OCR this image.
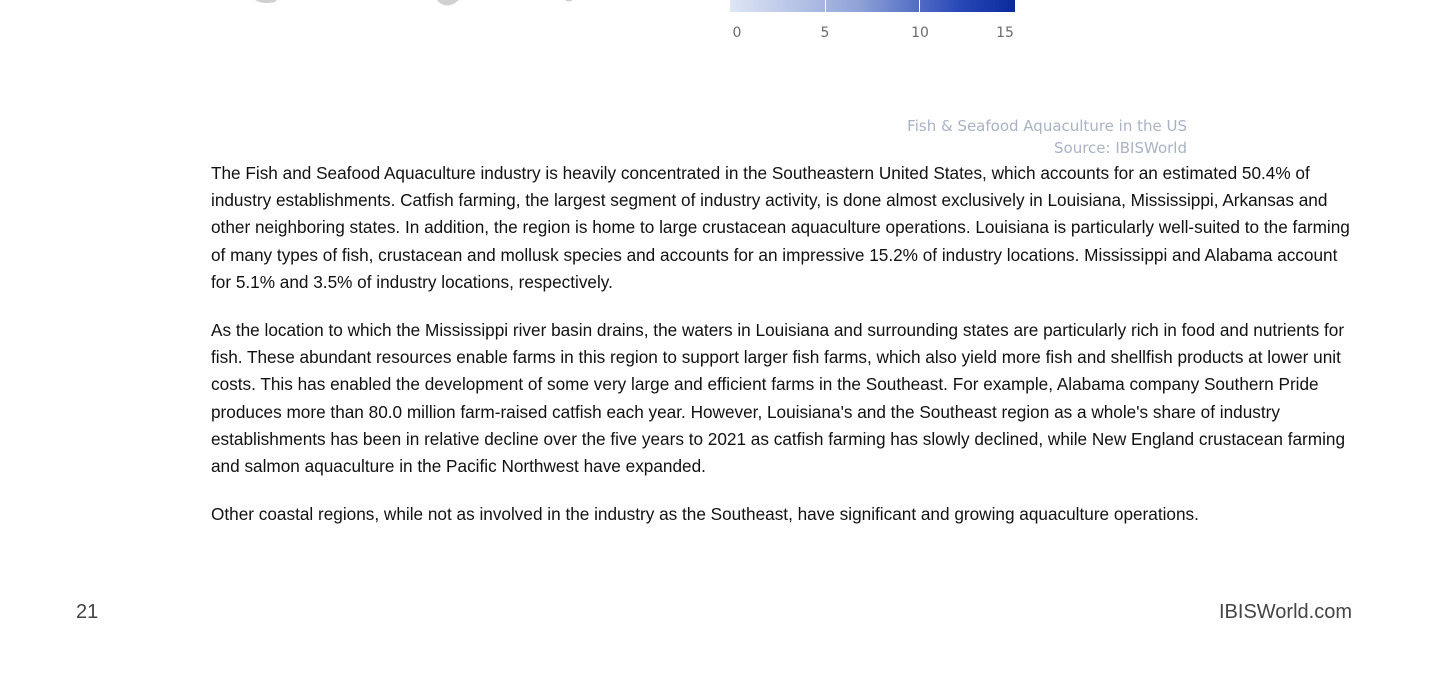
0	5	10	15
Fish & Seafood Aquaculture in the US
Source: IBISWorld

The Fish and Seafood Aquaculture industry is heavily concentrated in the Southeastern United States, which accounts for an estimated 50.4% of industry establishments. Catfish farming, the largest segment of industry activity, is done almost exclusively in Louisiana, Mississippi, Arkansas and other neighboring states. In addition, the region is home to large crustacean aquaculture operations. Louisiana is particularly well-suited to the farming of many types of fish, crustacean and mollusk species and accounts for an impressive 15.2% of industry locations. Mississippi and Alabama account for 5.1% and 3.5% of industry locations, respectively.

As the location to which the Mississippi river basin drains, the waters in Louisiana and surrounding states are particularly rich in food and nutrients for fish. These abundant resources enable farms in this region to support larger fish farms, which also yield more fish and shellfish products at lower unit costs. This has enabled the development of some very large and efficient farms in the Southeast. For example, Alabama company Southern Pride produces more than 80.0 million farm-raised catfish each year. However, Louisiana's and the Southeast region as a whole's share of industry establishments has been in relative decline over the five years to 2021 as catfish farming has slowly declined, while New England crustacean farming and salmon aquaculture in the Pacific Northwest have expanded.

Other coastal regions, while not as involved in the industry as the Southeast, have significant and growing aquaculture operations.

21	IBISWorld.com
